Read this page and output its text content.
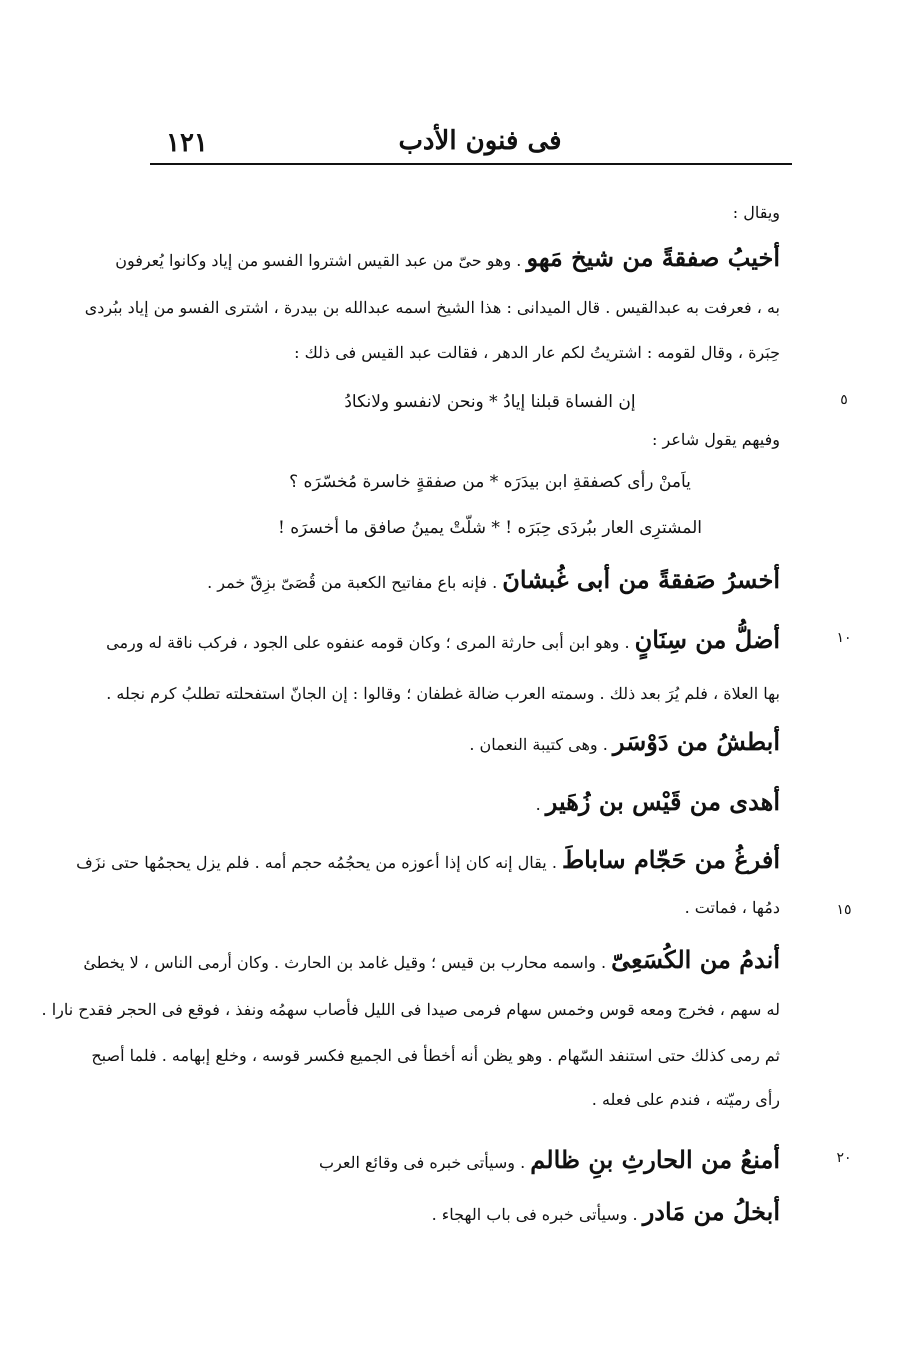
١٢١	فى فنون الأدب
ويقال :
أخيبُ صفقةً من شيخ مَهو . وهو حىّ من عبد القيس اشتروا الفسو من إياد وكانوا يُعرفون
به ، فعرفت به عبدالقيس . قال الميدانى : هذا الشيخ اسمه عبدالله بن بيدرة ، اشترى الفسو من إياد ببُردى
حِبَرة ، وقال لقومه : اشتريتُ لكم عار الدهر ، فقالت عبد القيس فى ذلك :
إن الفساة قبلنا إيادُ * ونحن لانفسو ولانكادُ	٥
وفيهم يقول شاعر :
ياَمنْ رأى كصفقةِ ابن بيدَرَه * من صفقةٍ خاسرة مُخسّرَه ؟
المشترِى العار ببُردَى حِبَرَه ! * شلّتْ يمينُ صافق ما أخسرَه !
أخسرُ صَفقةً من أبى غُبشانَ . فإنه باع مفاتيح الكعبة من قُصَىّ بزِقّ خمر .
أضلُّ من سِنَانٍ . وهو ابن أبى حارثة المرى ؛ وكان قومه عنفوه على الجود ، فركب ناقة له ورمى	١٠
بها العلاة ، فلم يُرَ بعد ذلك . وسمته العرب ضالة غطفان ؛ وقالوا : إن الجانّ استفحلته تطلبُ كرم نجله .
أبطشُ من دَوْسَر . وهى كتيبة النعمان .
أهدى من قَيْس بن زُهَير .
أفرغُ من حَجّام ساباطَ . يقال إنه كان إذا أعوزه من يحجُمُه حجم أمه . فلم يزل يحجمُها حتى نزَف
دمُها ، فماتت .	١٥
أندمُ من الكُسَعِىّ . واسمه محارب بن قيس ؛ وقيل غامد بن الحارث . وكان أرمى الناس ، لا يخطئ
له سهم ، فخرج ومعه قوس وخمس سهام فرمى صيدا فى الليل فأصاب سهمُه ونفذ ، فوقع فى الحجر فقدح نارا .
ثم رمى كذلك حتى استنفد السّهام . وهو يظن أنه أخطأ فى الجميع فكسر قوسه ، وخلع إبهامه . فلما أصبح
رأى رميّته ، فندم على فعله .
أمنعُ من الحارثِ بنِ ظالم . وسيأتى خبره فى وقائع العرب	٢٠
أبخلُ من مَادر . وسيأتى خبره فى باب الهجاء .
